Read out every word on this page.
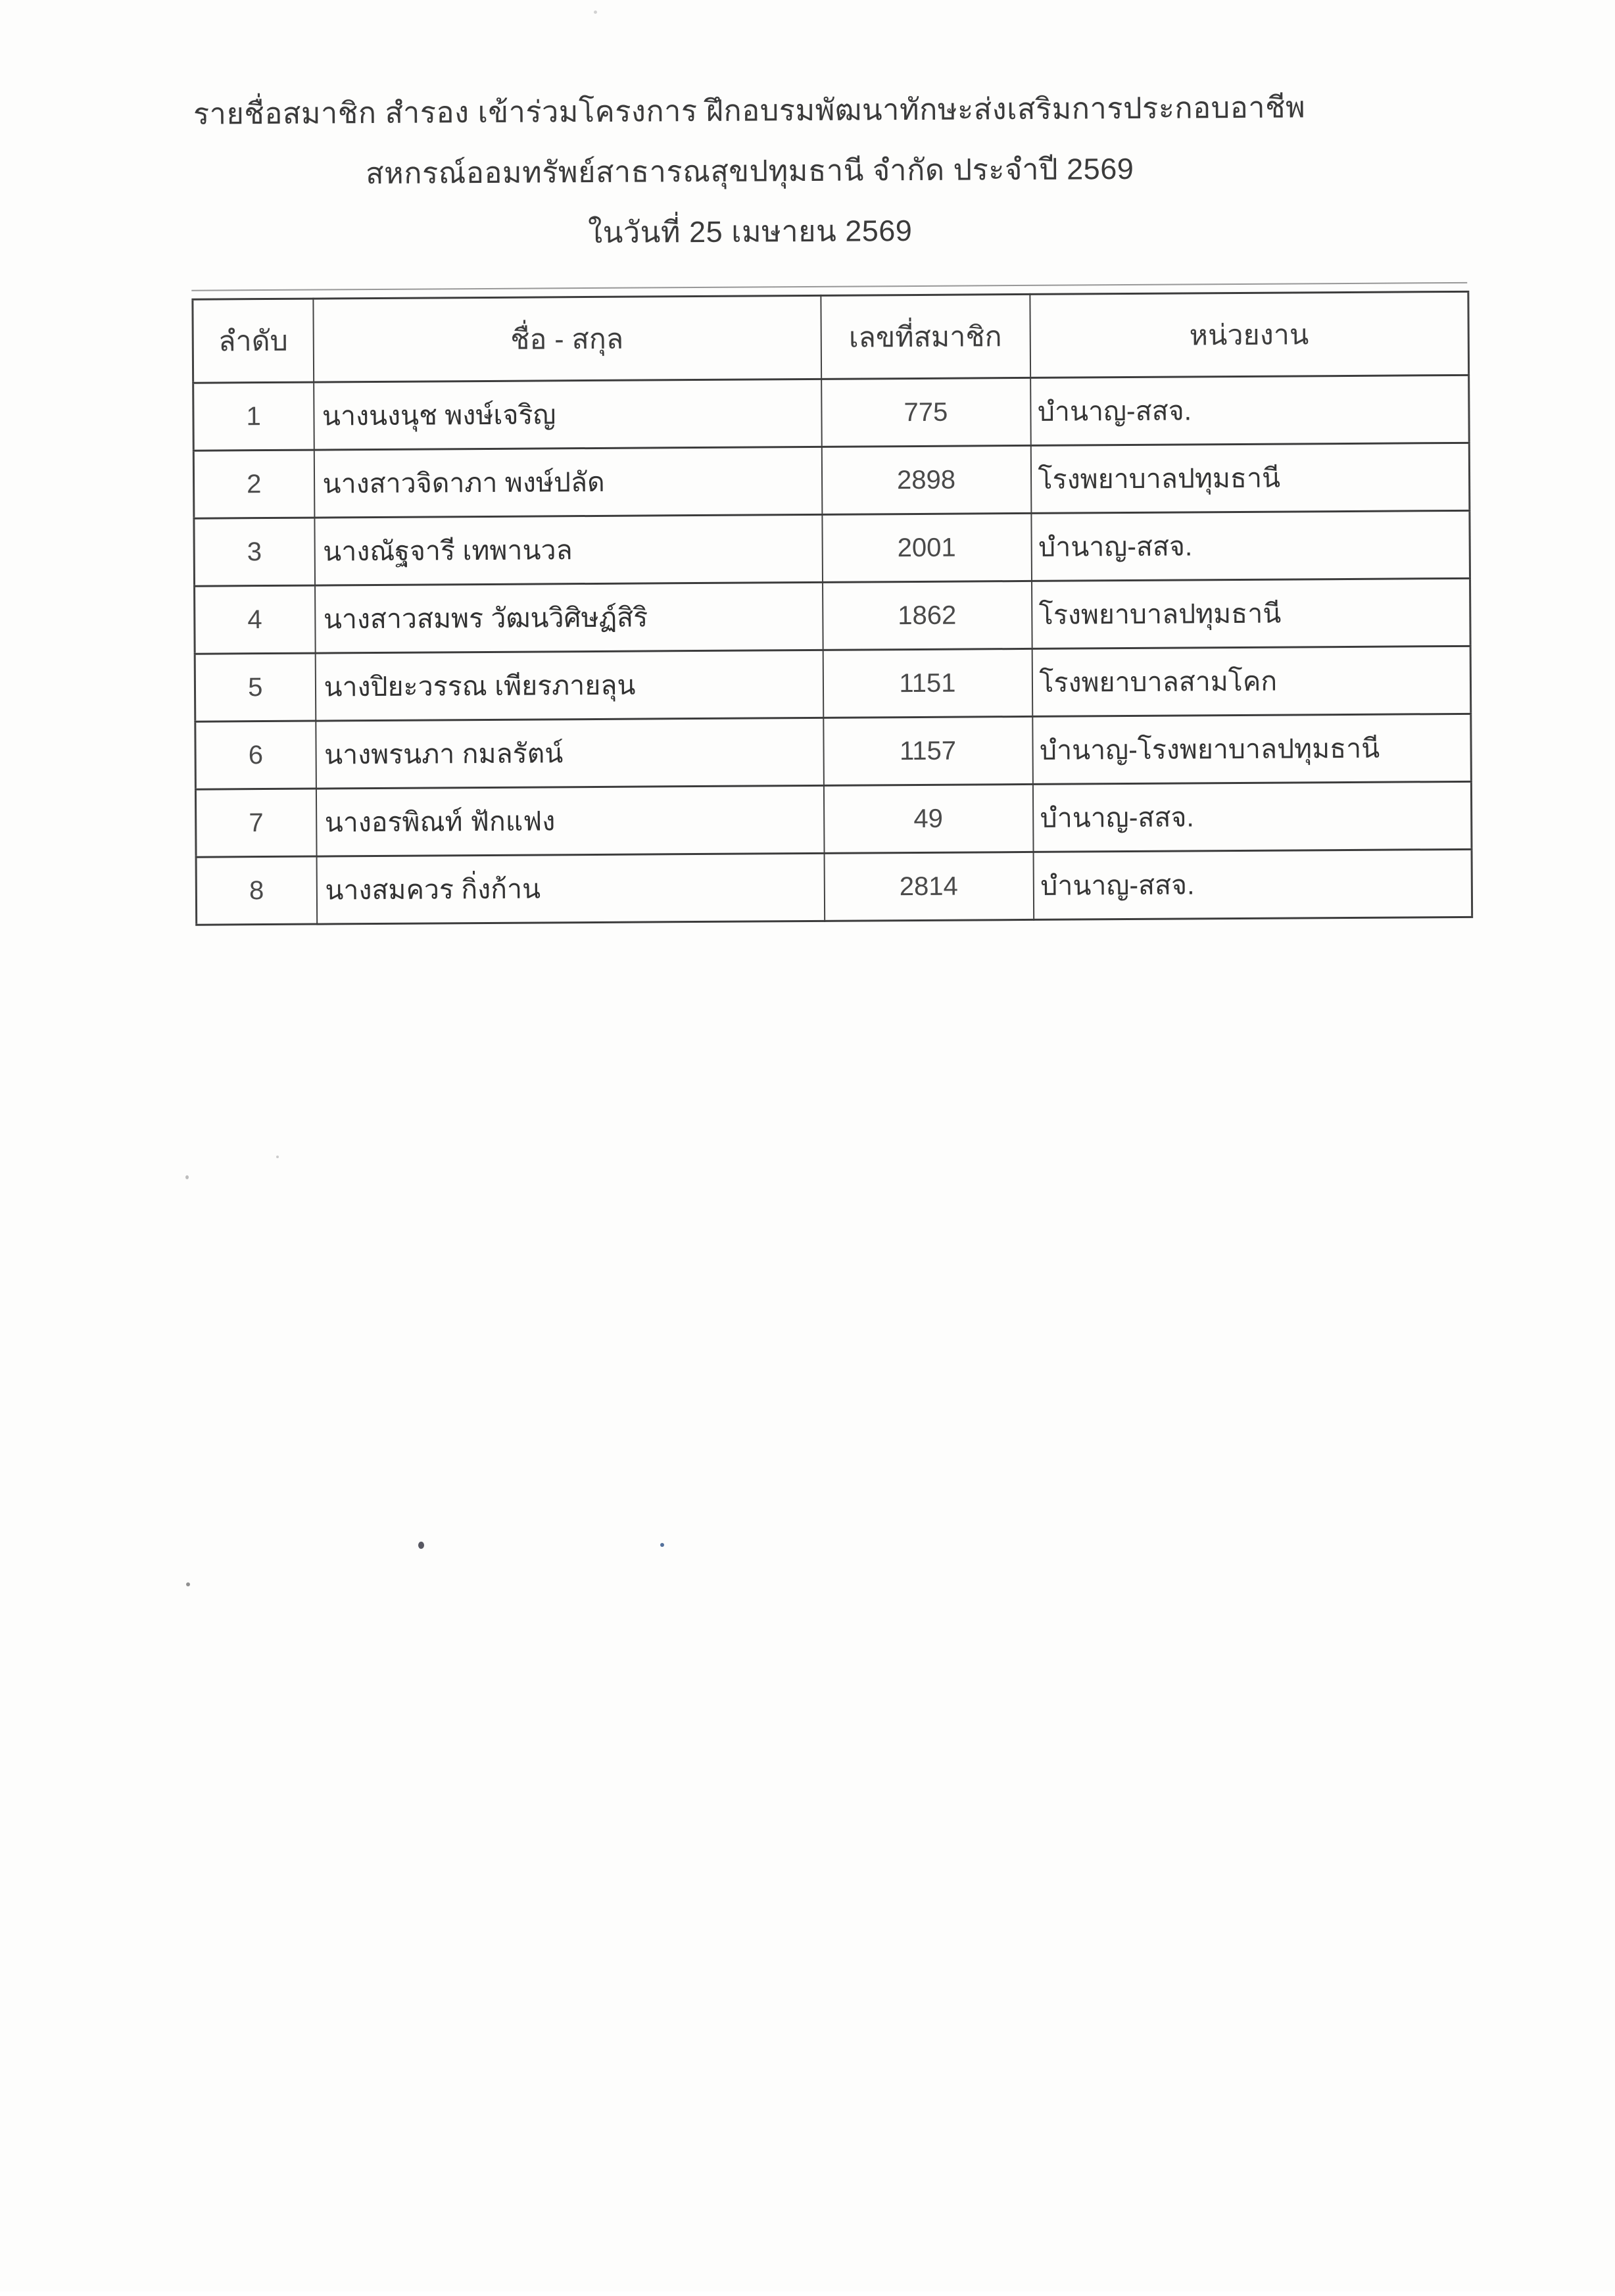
รายชื่อสมาชิก สำรอง เข้าร่วมโครงการ ฝึกอบรมพัฒนาทักษะส่งเสริมการประกอบอาชีพ
สหกรณ์ออมทรัพย์สาธารณสุขปทุมธานี จำกัด ประจำปี 2569
ในวันที่ 25 เมษายน 2569
ลำดับ	ชื่อ - สกุล	เลขที่สมาชิก	หน่วยงาน
1	นางนงนุช พงษ์เจริญ	775	บำนาญ-สสจ.
2	นางสาวจิดาภา พงษ์ปลัด	2898	โรงพยาบาลปทุมธานี
3	นางณัฐจารี เทพานวล	2001	บำนาญ-สสจ.
4	นางสาวสมพร วัฒนวิศิษฏ์สิริ	1862	โรงพยาบาลปทุมธานี
5	นางปิยะวรรณ เพียรภายลุน	1151	โรงพยาบาลสามโคก
6	นางพรนภา กมลรัตน์	1157	บำนาญ-โรงพยาบาลปทุมธานี
7	นางอรพิณท์ ฟักแฟง	49	บำนาญ-สสจ.
8	นางสมควร กิ่งก้าน	2814	บำนาญ-สสจ.
